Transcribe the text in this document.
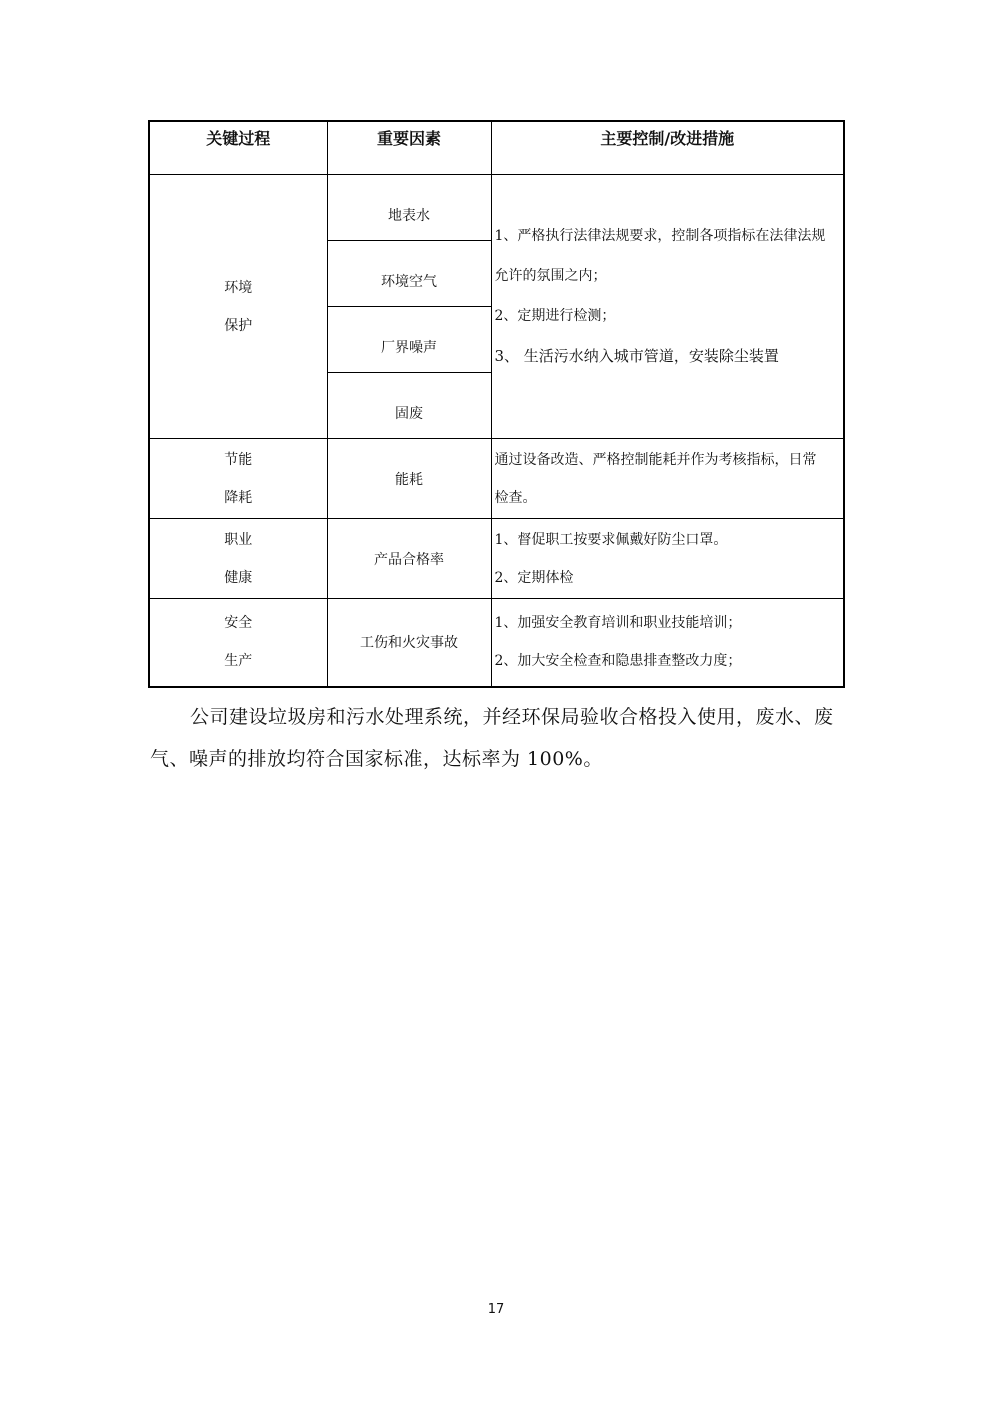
关键过程	重要因素	主要控制/改进措施

环境
保护	地表水	1、严格执行法律法规要求，控制各项指标在法律法规
允许的氛围之内；
2、定期进行检测；
3、 生活污水纳入城市管道，安装除尘装置

	环境空气	

	厂界噪声	

	固废	

节能
降耗	能耗	通过设备改造、严格控制能耗并作为考核指标，日常
检查。

职业
健康	产品合格率	1、督促职工按要求佩戴好防尘口罩。
2、定期体检

安全
生产	工伤和火灾事故	1、加强安全教育培训和职业技能培训；
2、加大安全检查和隐患排查整改力度；

公司建设垃圾房和污水处理系统，并经环保局验收合格投入使用，废水、废气、噪声的排放均符合国家标准，达标率为 100%。

17
